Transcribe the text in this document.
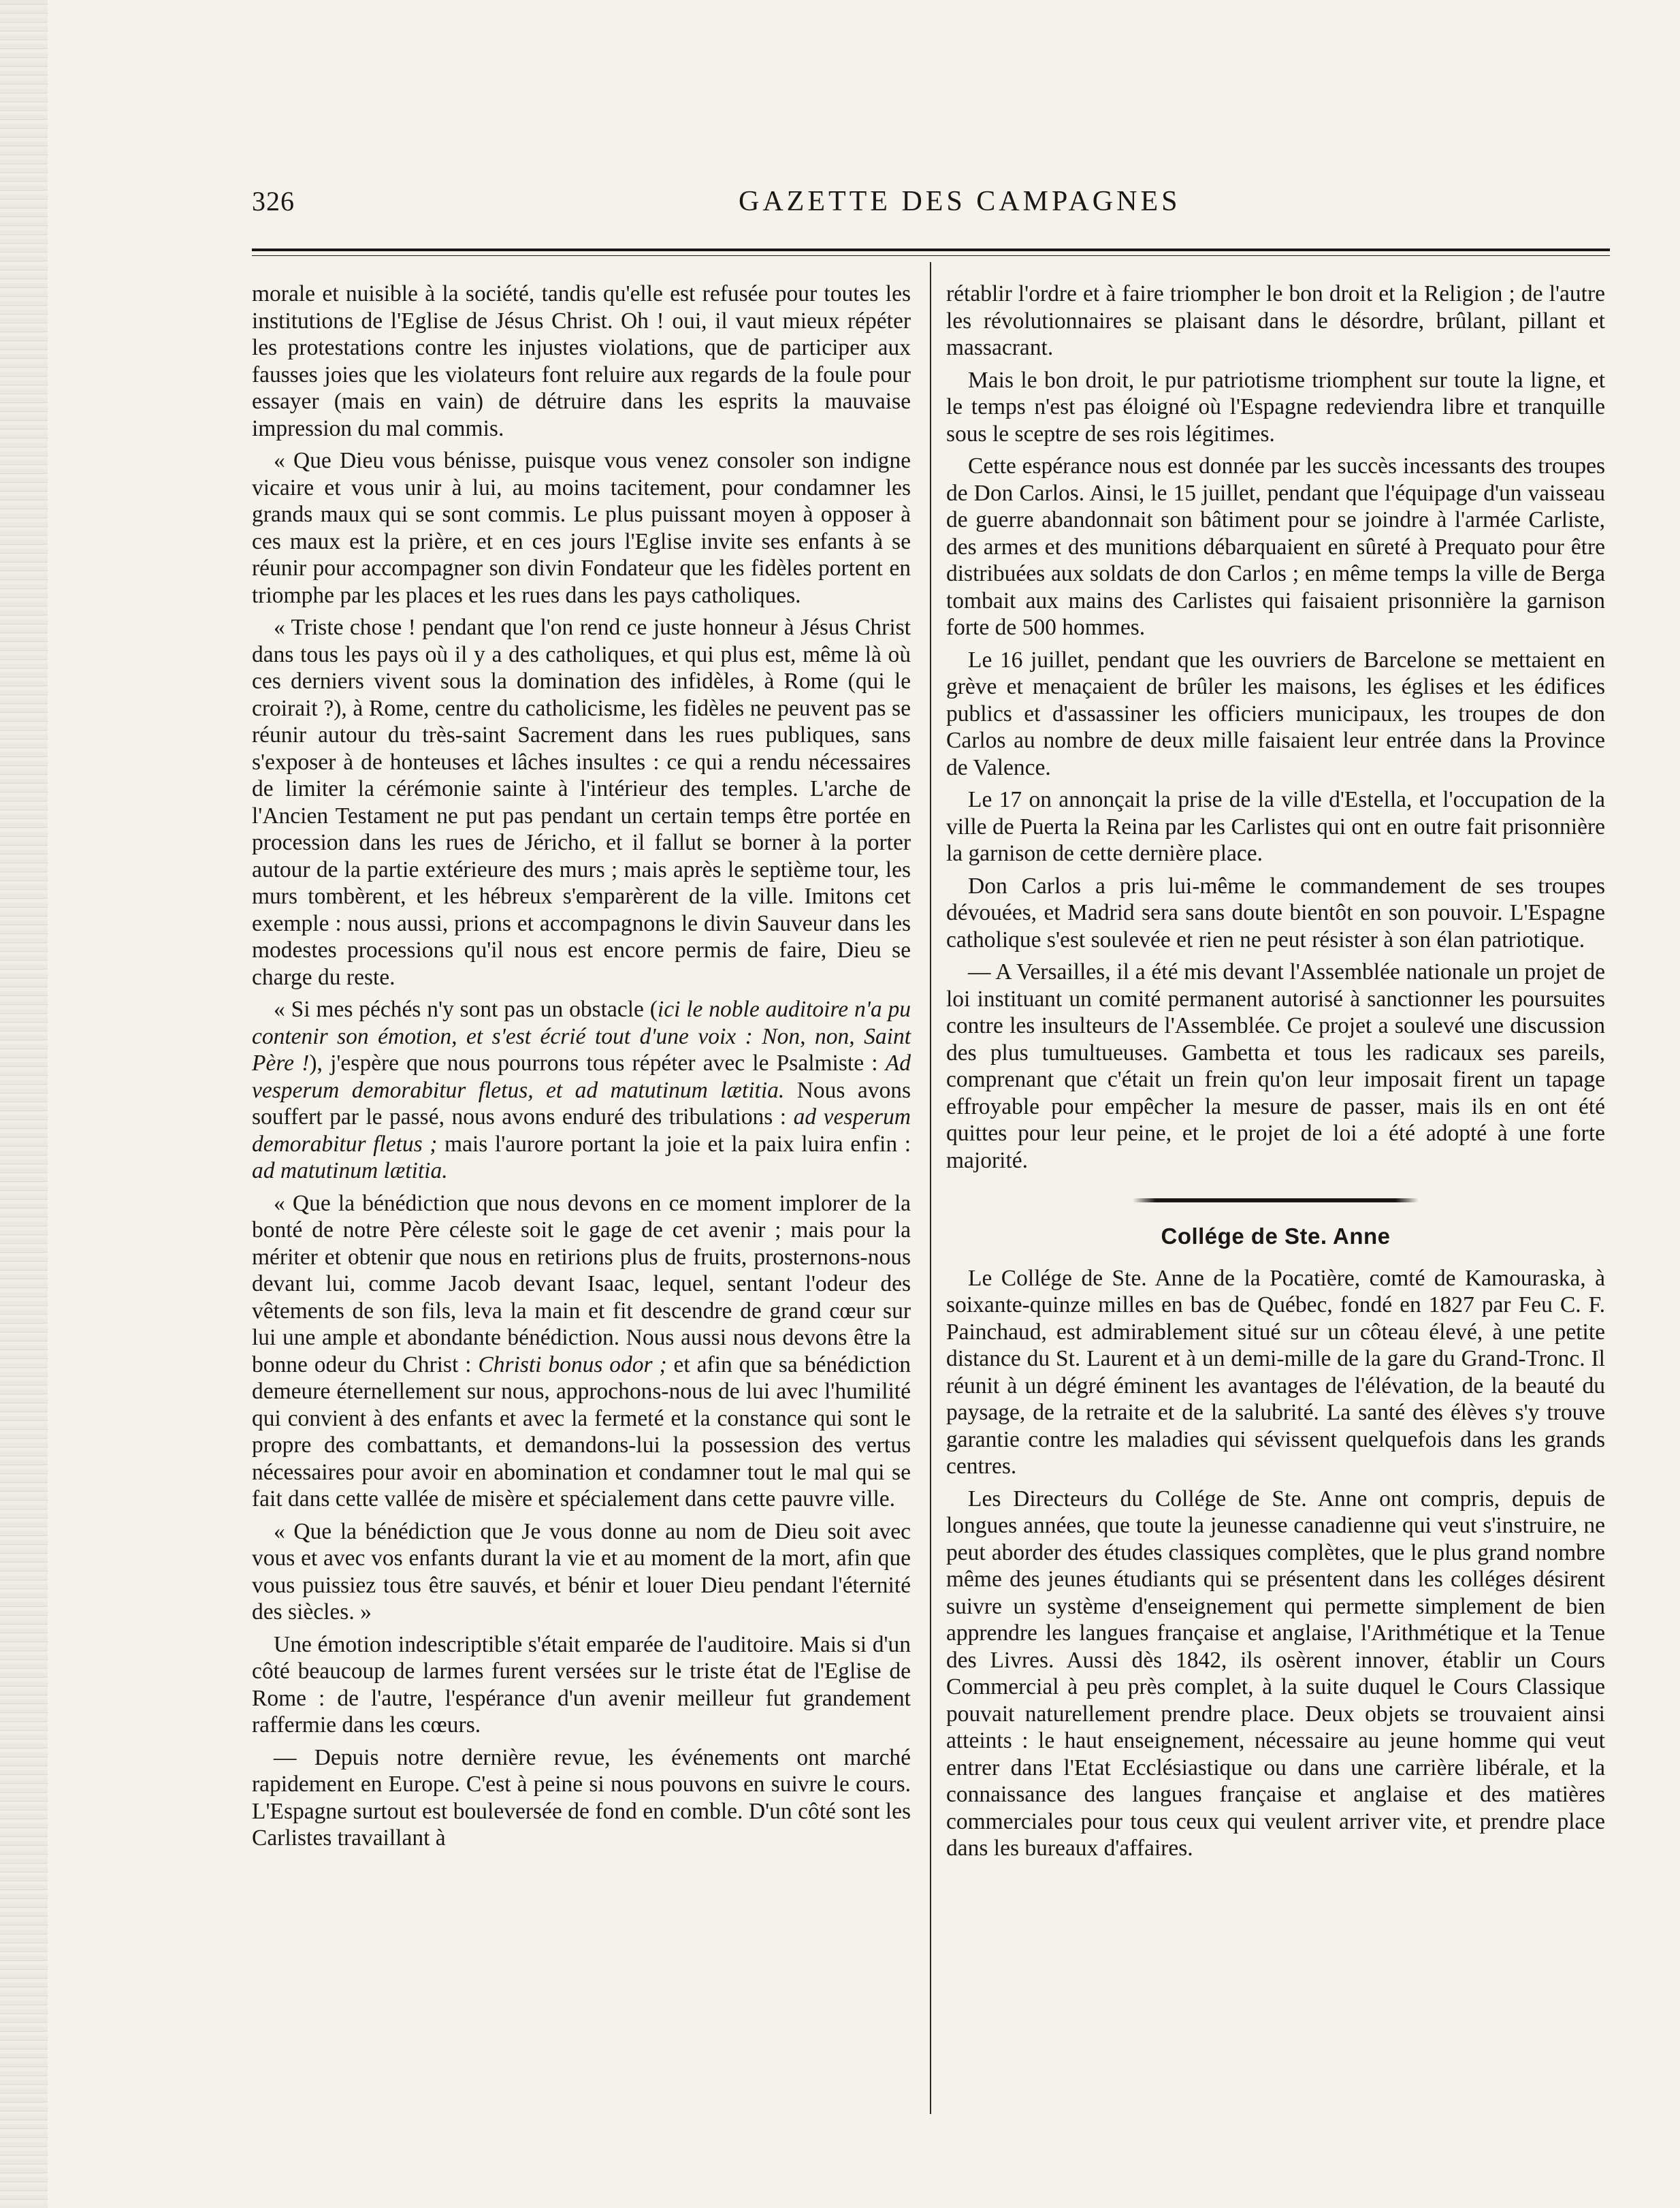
326	GAZETTE DES CAMPAGNES

morale et nuisible à la société, tandis qu'elle est refusée pour toutes les institutions de l'Eglise de Jésus Christ. Oh ! oui, il vaut mieux répéter les protestations contre les injustes violations, que de participer aux fausses joies que les violateurs font reluire aux regards de la foule pour essayer (mais en vain) de détruire dans les esprits la mauvaise impression du mal commis.

« Que Dieu vous bénisse, puisque vous venez consoler son indigne vicaire et vous unir à lui, au moins tacitement, pour condamner les grands maux qui se sont commis. Le plus puissant moyen à opposer à ces maux est la prière, et en ces jours l'Eglise invite ses enfants à se réunir pour accompagner son divin Fondateur que les fidèles portent en triomphe par les places et les rues dans les pays catholiques.

« Triste chose ! pendant que l'on rend ce juste honneur à Jésus Christ dans tous les pays où il y a des catholiques, et qui plus est, même là où ces derniers vivent sous la domination des infidèles, à Rome (qui le croirait ?), à Rome, centre du catholicisme, les fidèles ne peuvent pas se réunir autour du très-saint Sacrement dans les rues publiques, sans s'exposer à de honteuses et lâches insultes : ce qui a rendu nécessaires de limiter la cérémonie sainte à l'intérieur des temples. L'arche de l'Ancien Testament ne put pas pendant un certain temps être portée en procession dans les rues de Jéricho, et il fallut se borner à la porter autour de la partie extérieure des murs ; mais après le septième tour, les murs tombèrent, et les hébreux s'emparèrent de la ville. Imitons cet exemple : nous aussi, prions et accompagnons le divin Sauveur dans les modestes processions qu'il nous est encore permis de faire, Dieu se charge du reste.

« Si mes péchés n'y sont pas un obstacle (ici le noble auditoire n'a pu contenir son émotion, et s'est écrié tout d'une voix : Non, non, Saint Père !), j'espère que nous pourrons tous répéter avec le Psalmiste : Ad vesperum demorabitur fletus, et ad matutinum lætitia. Nous avons souffert par le passé, nous avons enduré des tribulations : ad vesperum demorabitur fletus ; mais l'aurore portant la joie et la paix luira enfin : ad matutinum lætitia.

« Que la bénédiction que nous devons en ce moment implorer de la bonté de notre Père céleste soit le gage de cet avenir ; mais pour la mériter et obtenir que nous en retirions plus de fruits, prosternons-nous devant lui, comme Jacob devant Isaac, lequel, sentant l'odeur des vêtements de son fils, leva la main et fit descendre de grand cœur sur lui une ample et abondante bénédiction. Nous aussi nous devons être la bonne odeur du Christ : Christi bonus odor ; et afin que sa bénédiction demeure éternellement sur nous, approchons-nous de lui avec l'humilité qui convient à des enfants et avec la fermeté et la constance qui sont le propre des combattants, et demandons-lui la possession des vertus nécessaires pour avoir en abomination et condamner tout le mal qui se fait dans cette vallée de misère et spécialement dans cette pauvre ville.

« Que la bénédiction que Je vous donne au nom de Dieu soit avec vous et avec vos enfants durant la vie et au moment de la mort, afin que vous puissiez tous être sauvés, et bénir et louer Dieu pendant l'éternité des siècles. »

Une émotion indescriptible s'était emparée de l'auditoire. Mais si d'un côté beaucoup de larmes furent versées sur le triste état de l'Eglise de Rome : de l'autre, l'espérance d'un avenir meilleur fut grandement raffermie dans les cœurs.

— Depuis notre dernière revue, les événements ont marché rapidement en Europe. C'est à peine si nous pouvons en suivre le cours. L'Espagne surtout est bouleversée de fond en comble. D'un côté sont les Carlistes travaillant à

rétablir l'ordre et à faire triompher le bon droit et la Religion ; de l'autre les révolutionnaires se plaisant dans le désordre, brûlant, pillant et massacrant.

Mais le bon droit, le pur patriotisme triomphent sur toute la ligne, et le temps n'est pas éloigné où l'Espagne redeviendra libre et tranquille sous le sceptre de ses rois légitimes.

Cette espérance nous est donnée par les succès incessants des troupes de Don Carlos. Ainsi, le 15 juillet, pendant que l'équipage d'un vaisseau de guerre abandonnait son bâtiment pour se joindre à l'armée Carliste, des armes et des munitions débarquaient en sûreté à Prequato pour être distribuées aux soldats de don Carlos ; en même temps la ville de Berga tombait aux mains des Carlistes qui faisaient prisonnière la garnison forte de 500 hommes.

Le 16 juillet, pendant que les ouvriers de Barcelone se mettaient en grève et menaçaient de brûler les maisons, les églises et les édifices publics et d'assassiner les officiers municipaux, les troupes de don Carlos au nombre de deux mille faisaient leur entrée dans la Province de Valence.

Le 17 on annonçait la prise de la ville d'Estella, et l'occupation de la ville de Puerta la Reina par les Carlistes qui ont en outre fait prisonnière la garnison de cette dernière place.

Don Carlos a pris lui-même le commandement de ses troupes dévouées, et Madrid sera sans doute bientôt en son pouvoir. L'Espagne catholique s'est soulevée et rien ne peut résister à son élan patriotique.

— A Versailles, il a été mis devant l'Assemblée nationale un projet de loi instituant un comité permanent autorisé à sanctionner les poursuites contre les insulteurs de l'Assemblée. Ce projet a soulevé une discussion des plus tumultueuses. Gambetta et tous les radicaux ses pareils, comprenant que c'était un frein qu'on leur imposait firent un tapage effroyable pour empêcher la mesure de passer, mais ils en ont été quittes pour leur peine, et le projet de loi a été adopté à une forte majorité.

Collége de Ste. Anne

Le Collége de Ste. Anne de la Pocatière, comté de Kamouraska, à soixante-quinze milles en bas de Québec, fondé en 1827 par Feu C. F. Painchaud, est admirablement situé sur un côteau élevé, à une petite distance du St. Laurent et à un demi-mille de la gare du Grand-Tronc. Il réunit à un dégré éminent les avantages de l'élévation, de la beauté du paysage, de la retraite et de la salubrité. La santé des élèves s'y trouve garantie contre les maladies qui sévissent quelquefois dans les grands centres.

Les Directeurs du Collége de Ste. Anne ont compris, depuis de longues années, que toute la jeunesse canadienne qui veut s'instruire, ne peut aborder des études classiques complètes, que le plus grand nombre même des jeunes étudiants qui se présentent dans les colléges désirent suivre un système d'enseignement qui permette simplement de bien apprendre les langues française et anglaise, l'Arithmétique et la Tenue des Livres. Aussi dès 1842, ils osèrent innover, établir un Cours Commercial à peu près complet, à la suite duquel le Cours Classique pouvait naturellement prendre place. Deux objets se trouvaient ainsi atteints : le haut enseignement, nécessaire au jeune homme qui veut entrer dans l'Etat Ecclésiastique ou dans une carrière libérale, et la connaissance des langues française et anglaise et des matières commerciales pour tous ceux qui veulent arriver vite, et prendre place dans les bureaux d'affaires.
